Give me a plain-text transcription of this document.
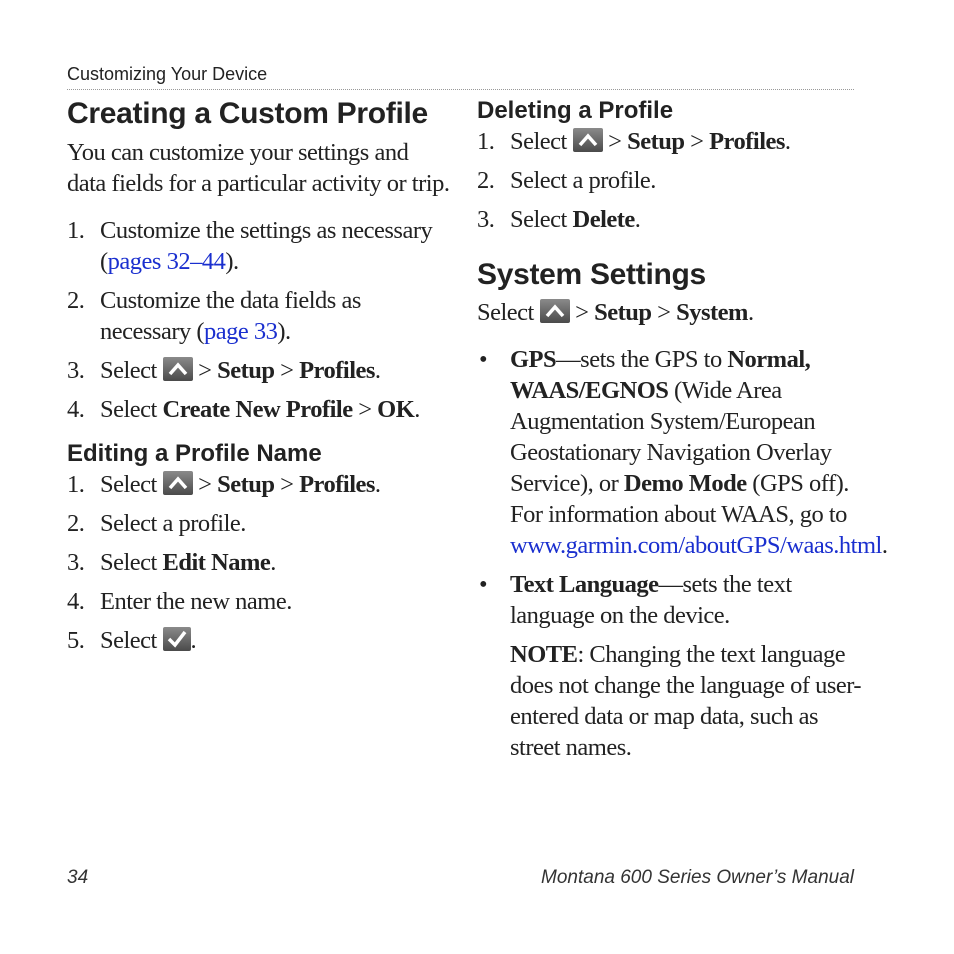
Customizing Your Device
Creating a Custom Profile

You can customize your settings and data fields for a particular activity or trip.

1. Customize the settings as necessary (pages 32–44).
2. Customize the data fields as necessary (page 33).
3. Select > Setup > Profiles.
4. Select Create New Profile > OK.
Editing a Profile Name
1. Select > Setup > Profiles.
2. Select a profile.
3. Select Edit Name.
4. Enter the new name.
5. Select .
Deleting a Profile
1. Select > Setup > Profiles.
2. Select a profile.
3. Select Delete.
System Settings

Select > Setup > System.

• GPS—sets the GPS to Normal, WAAS/EGNOS (Wide Area Augmentation System/European Geostationary Navigation Overlay Service), or Demo Mode (GPS off). For information about WAAS, go to www.garmin.com/aboutGPS/waas.html.
• Text Language—sets the text language on the device.

NOTE: Changing the text language does not change the language of user-entered data or map data, such as street names.

34	Montana 600 Series Owner’s Manual
